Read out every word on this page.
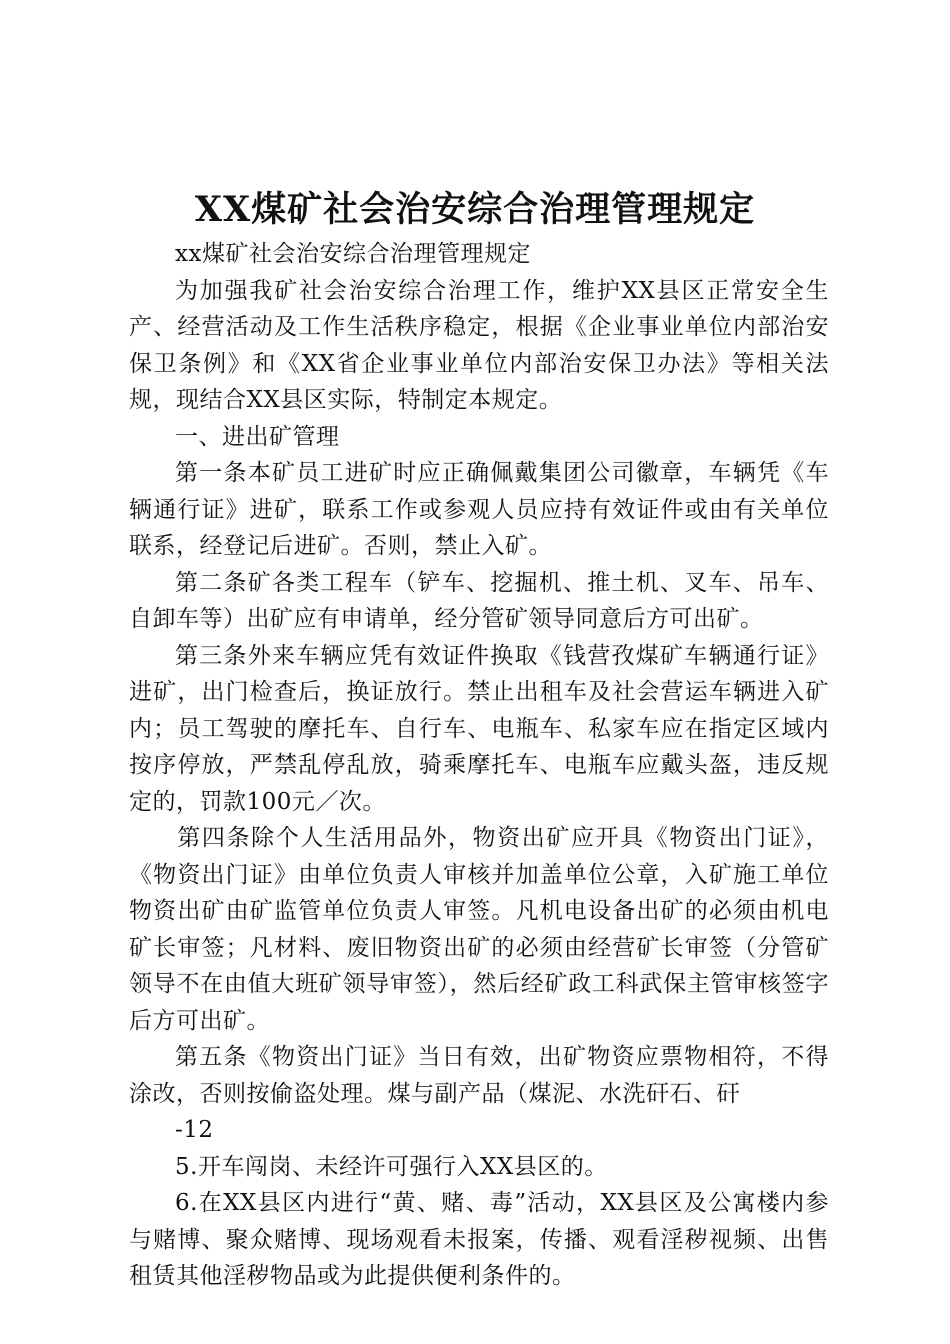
XX煤矿社会治安综合治理管理规定

xx煤矿社会治安综合治理管理规定

为加强我矿社会治安综合治理工作，维护XX县区正常安全生产、经营活动及工作生活秩序稳定，根据《企业事业单位内部治安保卫条例》和《XX省企业事业单位内部治安保卫办法》等相关法规，现结合XX县区实际，特制定本规定。

一、进出矿管理

第一条本矿员工进矿时应正确佩戴集团公司徽章，车辆凭《车辆通行证》进矿，联系工作或参观人员应持有效证件或由有关单位联系，经登记后进矿。否则，禁止入矿。

第二条矿各类工程车（铲车、挖掘机、推土机、叉车、吊车、自卸车等）出矿应有申请单，经分管矿领导同意后方可出矿。

第三条外来车辆应凭有效证件换取《钱营孜煤矿车辆通行证》进矿，出门检查后，换证放行。禁止出租车及社会营运车辆进入矿内；员工驾驶的摩托车、自行车、电瓶车、私家车应在指定区域内按序停放，严禁乱停乱放，骑乘摩托车、电瓶车应戴头盔，违反规定的，罚款100元／次。

第四条除个人生活用品外，物资出矿应开具《物资出门证》，《物资出门证》由单位负责人审核并加盖单位公章，入矿施工单位物资出矿由矿监管单位负责人审签。凡机电设备出矿的必须由机电矿长审签；凡材料、废旧物资出矿的必须由经营矿长审签（分管矿领导不在由值大班矿领导审签），然后经矿政工科武保主管审核签字后方可出矿。

第五条《物资出门证》当日有效，出矿物资应票物相符，不得涂改，否则按偷盗处理。煤与副产品（煤泥、水洗矸石、矸

-12

5.开车闯岗、未经许可强行入XX县区的。

6.在XX县区内进行“黄、赌、毒”活动，XX县区及公寓楼内参与赌博、聚众赌博、现场观看未报案，传播、观看淫秽视频、出售租赁其他淫秽物品或为此提供便利条件的。
